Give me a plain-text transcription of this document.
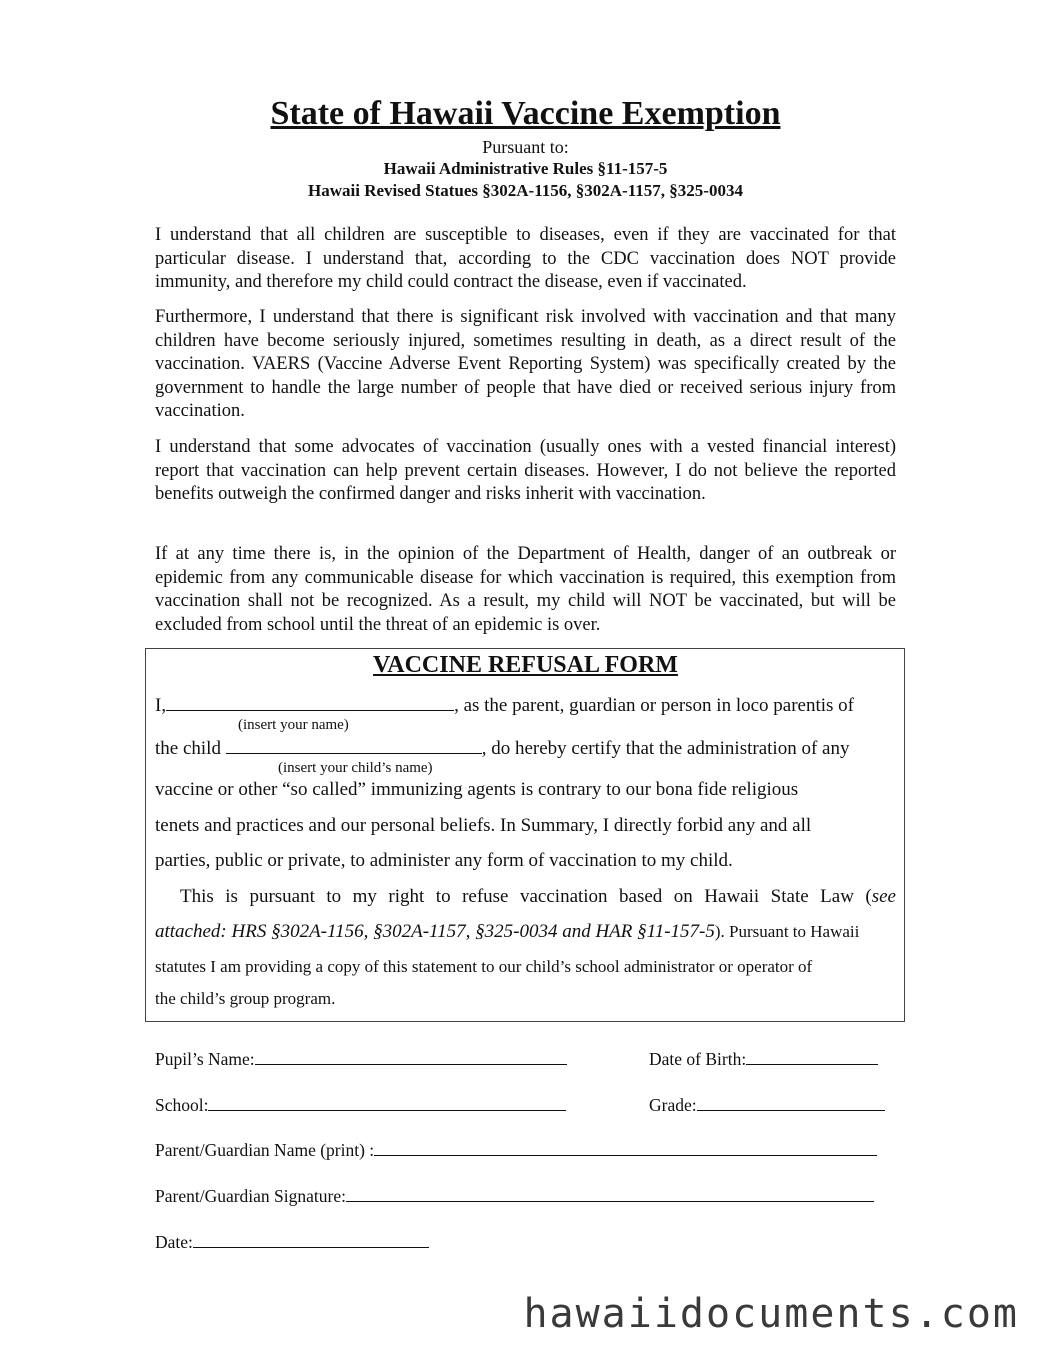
State of Hawaii Vaccine Exemption
Pursuant to:
Hawaii Administrative Rules §11-157-5
Hawaii Revised Statues §302A-1156, §302A-1157, §325-0034

I understand that all children are susceptible to diseases, even if they are vaccinated for that particular disease. I understand that, according to the CDC vaccination does NOT provide immunity, and therefore my child could contract the disease, even if vaccinated.

Furthermore, I understand that there is significant risk involved with vaccination and that many children have become seriously injured, sometimes resulting in death, as a direct result of the vaccination. VAERS (Vaccine Adverse Event Reporting System) was specifically created by the government to handle the large number of people that have died or received serious injury from vaccination.

I understand that some advocates of vaccination (usually ones with a vested financial interest) report that vaccination can help prevent certain diseases. However, I do not believe the reported benefits outweigh the confirmed danger and risks inherit with vaccination.

If at any time there is, in the opinion of the Department of Health, danger of an outbreak or epidemic from any communicable disease for which vaccination is required, this exemption from vaccination shall not be recognized. As a result, my child will NOT be vaccinated, but will be excluded from school until the threat of an epidemic is over.

VACCINE REFUSAL FORM
I,	, as the parent, guardian or person in loco parentis of
(insert your name)
the child	, do hereby certify that the administration of any
(insert your child’s name)
vaccine or other “so called” immunizing agents is contrary to our bona fide religious
tenets and practices and our personal beliefs. In Summary, I directly forbid any and all
parties, public or private, to administer any form of vaccination to my child.
This is pursuant to my right to refuse vaccination based on Hawaii State Law (see
attached: HRS §302A-1156, §302A-1157, §325-0034 and HAR §11-157-5). Pursuant to Hawaii
statutes I am providing a copy of this statement to our child’s school administrator or operator of
the child’s group program.
Pupil’s Name:	Date of Birth:
School:	Grade:
Parent/Guardian Name (print) :
Parent/Guardian Signature:
Date:
hawaiidocuments.com
